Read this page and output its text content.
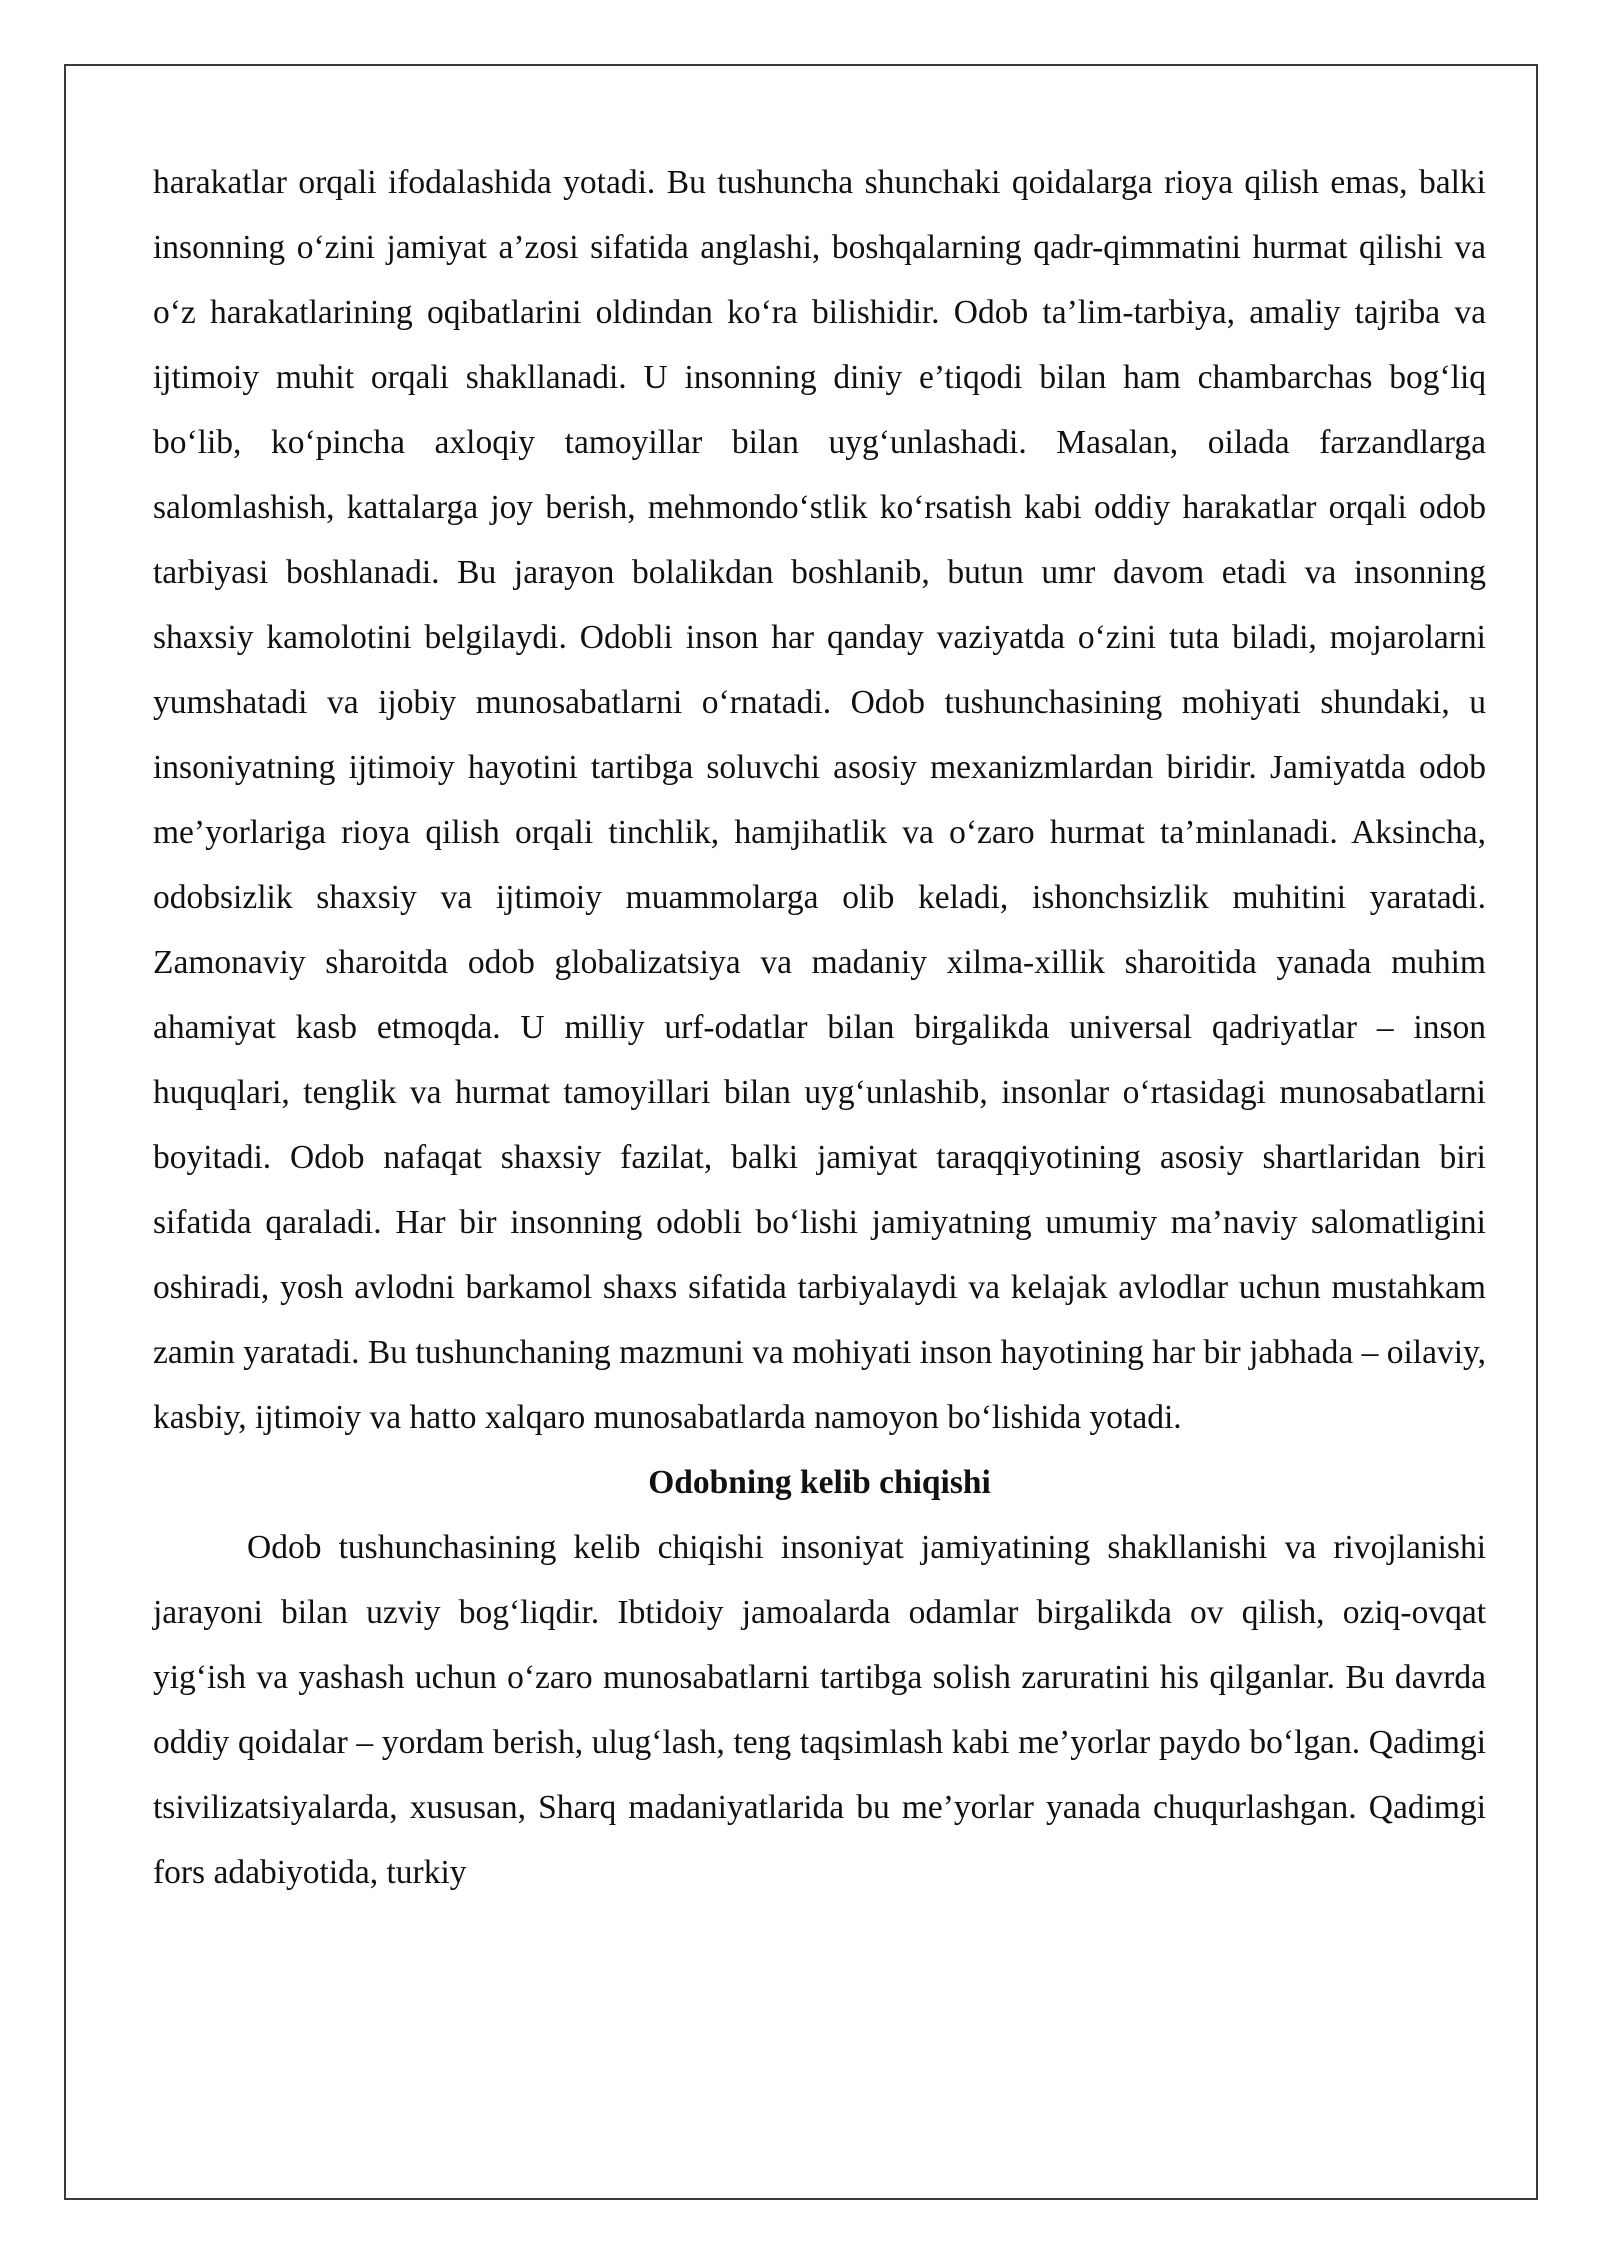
harakatlar orqali ifodalashida yotadi. Bu tushuncha shunchaki qoidalarga rioya qilish emas, balki insonning o‘zini jamiyat a’zosi sifatida anglashi, boshqalarning qadr-qimmatini hurmat qilishi va o‘z harakatlarining oqibatlarini oldindan ko‘ra bilishidir. Odob ta’lim-tarbiya, amaliy tajriba va ijtimoiy muhit orqali shakllanadi. U insonning diniy e’tiqodi bilan ham chambarchas bog‘liq bo‘lib, ko‘pincha axloqiy tamoyillar bilan uyg‘unlashadi. Masalan, oilada farzandlarga salomlashish, kattalarga joy berish, mehmondo‘stlik ko‘rsatish kabi oddiy harakatlar orqali odob tarbiyasi boshlanadi. Bu jarayon bolalikdan boshlanib, butun umr davom etadi va insonning shaxsiy kamolotini belgilaydi. Odobli inson har qanday vaziyatda o‘zini tuta biladi, mojarolarni yumshatadi va ijobiy munosabatlarni o‘rnatadi. Odob tushunchasining mohiyati shundaki, u insoniyatning ijtimoiy hayotini tartibga soluvchi asosiy mexanizmlardan biridir. Jamiyatda odob me’yorlariga rioya qilish orqali tinchlik, hamjihatlik va o‘zaro hurmat ta’minlanadi. Aksincha, odobsizlik shaxsiy va ijtimoiy muammolarga olib keladi, ishonchsizlik muhitini yaratadi. Zamonaviy sharoitda odob globalizatsiya va madaniy xilma-xillik sharoitida yanada muhim ahamiyat kasb etmoqda. U milliy urf-odatlar bilan birgalikda universal qadriyatlar – inson huquqlari, tenglik va hurmat tamoyillari bilan uyg‘unlashib, insonlar o‘rtasidagi munosabatlarni boyitadi. Odob nafaqat shaxsiy fazilat, balki jamiyat taraqqiyotining asosiy shartlaridan biri sifatida qaraladi. Har bir insonning odobli bo‘lishi jamiyatning umumiy ma’naviy salomatligini oshiradi, yosh avlodni barkamol shaxs sifatida tarbiyalaydi va kelajak avlodlar uchun mustahkam zamin yaratadi. Bu tushunchaning mazmuni va mohiyati inson hayotining har bir jabhada – oilaviy, kasbiy, ijtimoiy va hatto xalqaro munosabatlarda namoyon bo‘lishida yotadi.

Odobning kelib chiqishi

Odob tushunchasining kelib chiqishi insoniyat jamiyatining shakllanishi va rivojlanishi jarayoni bilan uzviy bog‘liqdir. Ibtidoiy jamoalarda odamlar birgalikda ov qilish, oziq-ovqat yig‘ish va yashash uchun o‘zaro munosabatlarni tartibga solish zaruratini his qilganlar. Bu davrda oddiy qoidalar – yordam berish, ulug‘lash, teng taqsimlash kabi me’yorlar paydo bo‘lgan. Qadimgi tsivilizatsiyalarda, xususan, Sharq madaniyatlarida bu me’yorlar yanada chuqurlashgan. Qadimgi fors adabiyotida, turkiy
